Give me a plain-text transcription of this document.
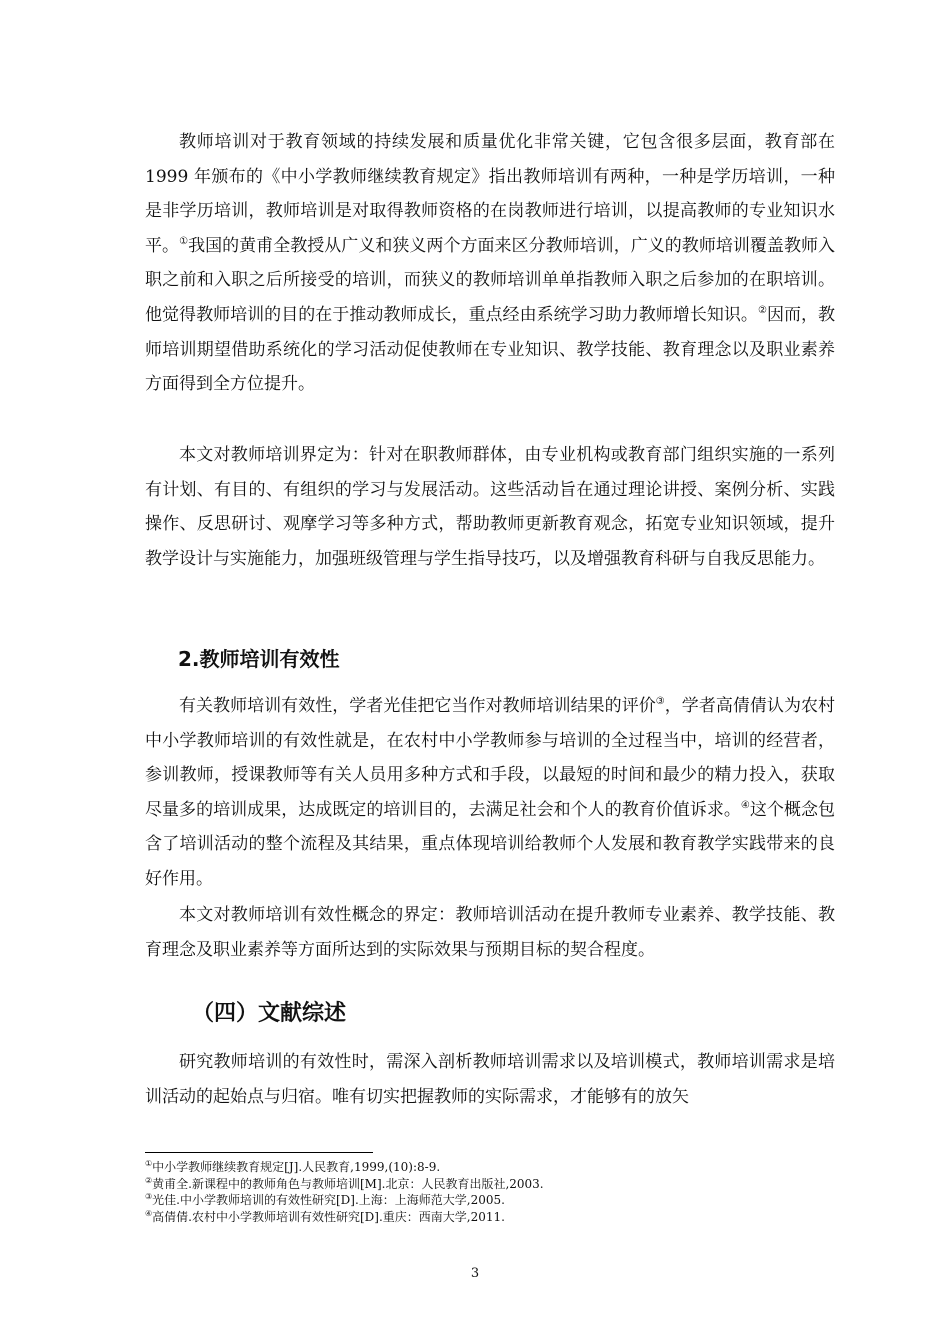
教师培训对于教育领域的持续发展和质量优化非常关键，它包含很多层面，教育部在 1999 年颁布的《中小学教师继续教育规定》指出教师培训有两种，一种是学历培训，一种是非学历培训，教师培训是对取得教师资格的在岗教师进行培训，以提高教师的专业知识水平。①我国的黄甫全教授从广义和狭义两个方面来区分教师培训，广义的教师培训覆盖教师入职之前和入职之后所接受的培训，而狭义的教师培训单单指教师入职之后参加的在职培训。他觉得教师培训的目的在于推动教师成长，重点经由系统学习助力教师增长知识。②因而，教师培训期望借助系统化的学习活动促使教师在专业知识、教学技能、教育理念以及职业素养方面得到全方位提升。

本文对教师培训界定为：针对在职教师群体，由专业机构或教育部门组织实施的一系列有计划、有目的、有组织的学习与发展活动。这些活动旨在通过理论讲授、案例分析、实践操作、反思研讨、观摩学习等多种方式，帮助教师更新教育观念，拓宽专业知识领域，提升教学设计与实施能力，加强班级管理与学生指导技巧，以及增强教育科研与自我反思能力。

2.教师培训有效性

有关教师培训有效性，学者光佳把它当作对教师培训结果的评价③，学者高倩倩认为农村中小学教师培训的有效性就是，在农村中小学教师参与培训的全过程当中，培训的经营者，参训教师，授课教师等有关人员用多种方式和手段，以最短的时间和最少的精力投入，获取尽量多的培训成果，达成既定的培训目的，去满足社会和个人的教育价值诉求。④这个概念包含了培训活动的整个流程及其结果，重点体现培训给教师个人发展和教育教学实践带来的良好作用。

本文对教师培训有效性概念的界定：教师培训活动在提升教师专业素养、教学技能、教育理念及职业素养等方面所达到的实际效果与预期目标的契合程度。

（四）文献综述

研究教师培训的有效性时，需深入剖析教师培训需求以及培训模式，教师培训需求是培训活动的起始点与归宿。唯有切实把握教师的实际需求，才能够有的放矢

①中小学教师继续教育规定[J].人民教育,1999,(10):8-9.

②黄甫全.新课程中的教师角色与教师培训[M].北京：人民教育出版社,2003.

③光佳.中小学教师培训的有效性研究[D].上海：上海师范大学,2005.

④高倩倩.农村中小学教师培训有效性研究[D].重庆：西南大学,2011.

3
